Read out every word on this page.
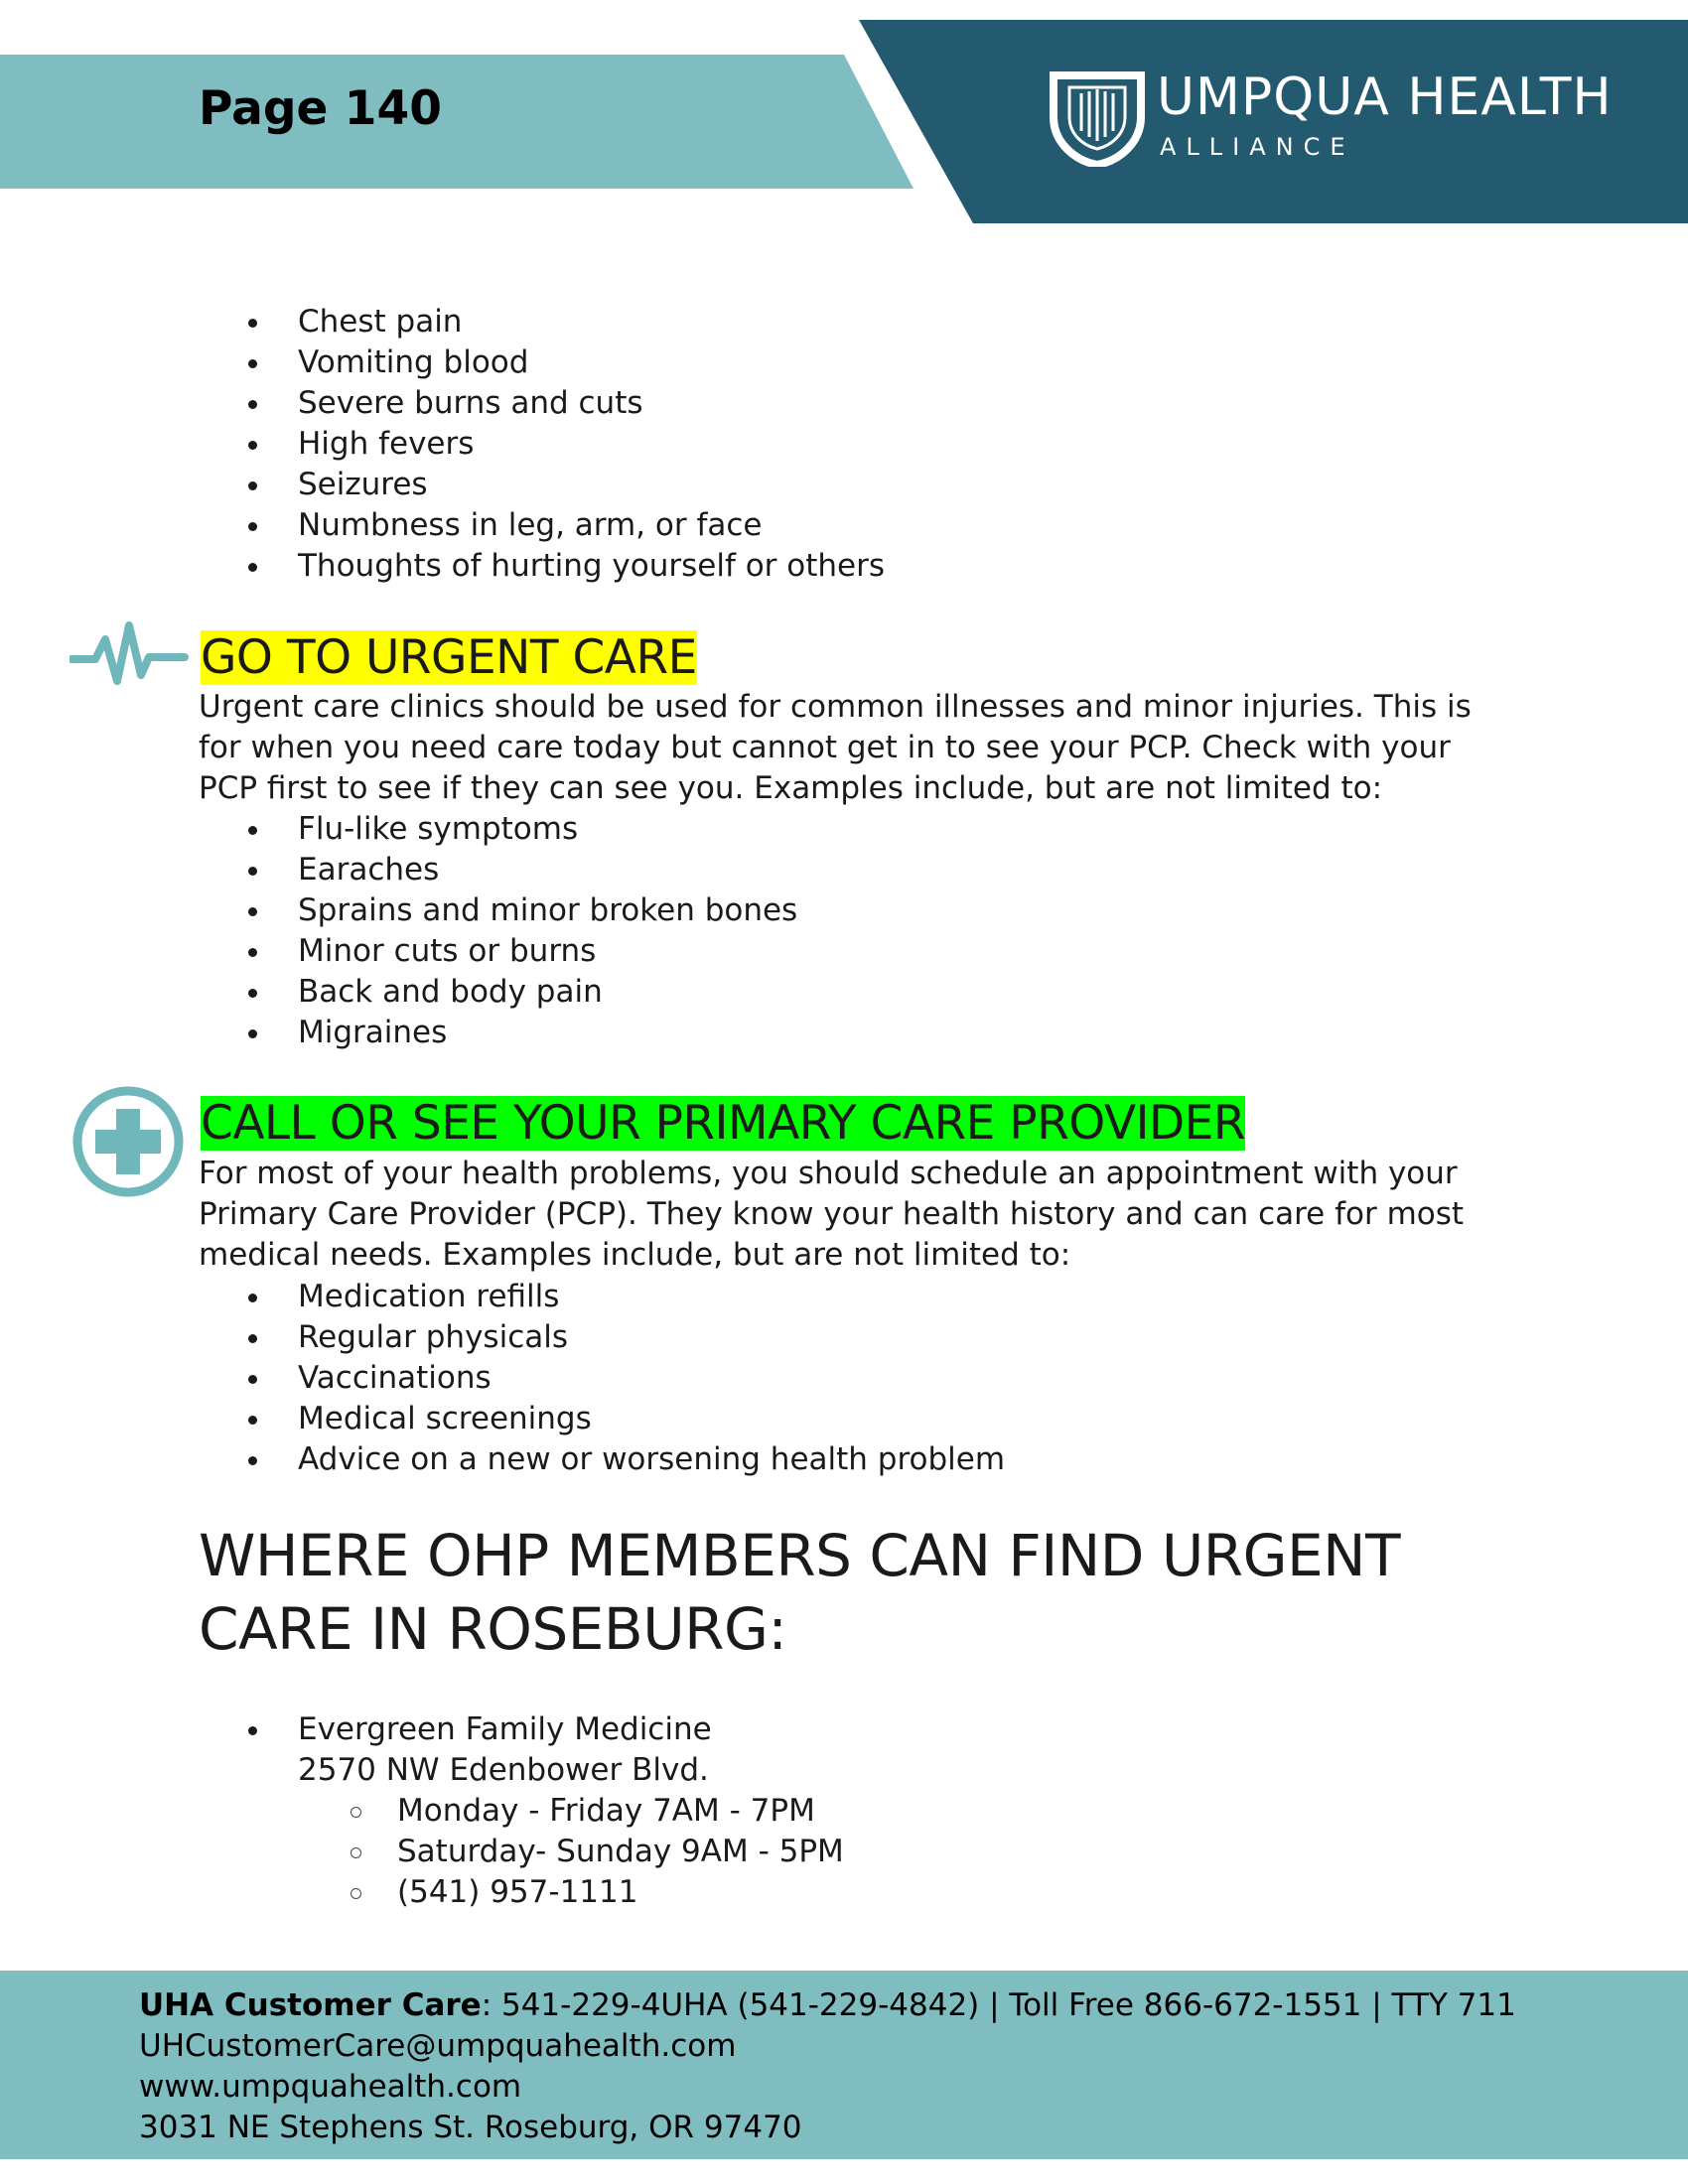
Page 140	UMPQUA HEALTH
ALLIANCE
Chest pain
Vomiting blood
Severe burns and cuts
High fevers
Seizures
Numbness in leg, arm, or face
Thoughts of hurting yourself or others
GO TO URGENT CARE

Urgent care clinics should be used for common illnesses and minor injuries. This is for when you need care today but cannot get in to see your PCP. Check with your PCP first to see if they can see you. Examples include, but are not limited to:

Flu-like symptoms
Earaches
Sprains and minor broken bones
Minor cuts or burns
Back and body pain
Migraines
CALL OR SEE YOUR PRIMARY CARE PROVIDER

For most of your health problems, you should schedule an appointment with your Primary Care Provider (PCP). They know your health history and can care for most medical needs. Examples include, but are not limited to:

Medication refills
Regular physicals
Vaccinations
Medical screenings
Advice on a new or worsening health problem
WHERE OHP MEMBERS CAN FIND URGENT CARE IN ROSEBURG:
Evergreen Family Medicine
2570 NW Edenbower Blvd.
Monday - Friday 7AM - 7PM
Saturday- Sunday 9AM - 5PM
(541) 957-1111
UHA Customer Care: 541-229-4UHA (541-229-4842) | Toll Free 866-672-1551 | TTY 711
UHCustomerCare@umpquahealth.com
www.umpquahealth.com
3031 NE Stephens St. Roseburg, OR 97470
